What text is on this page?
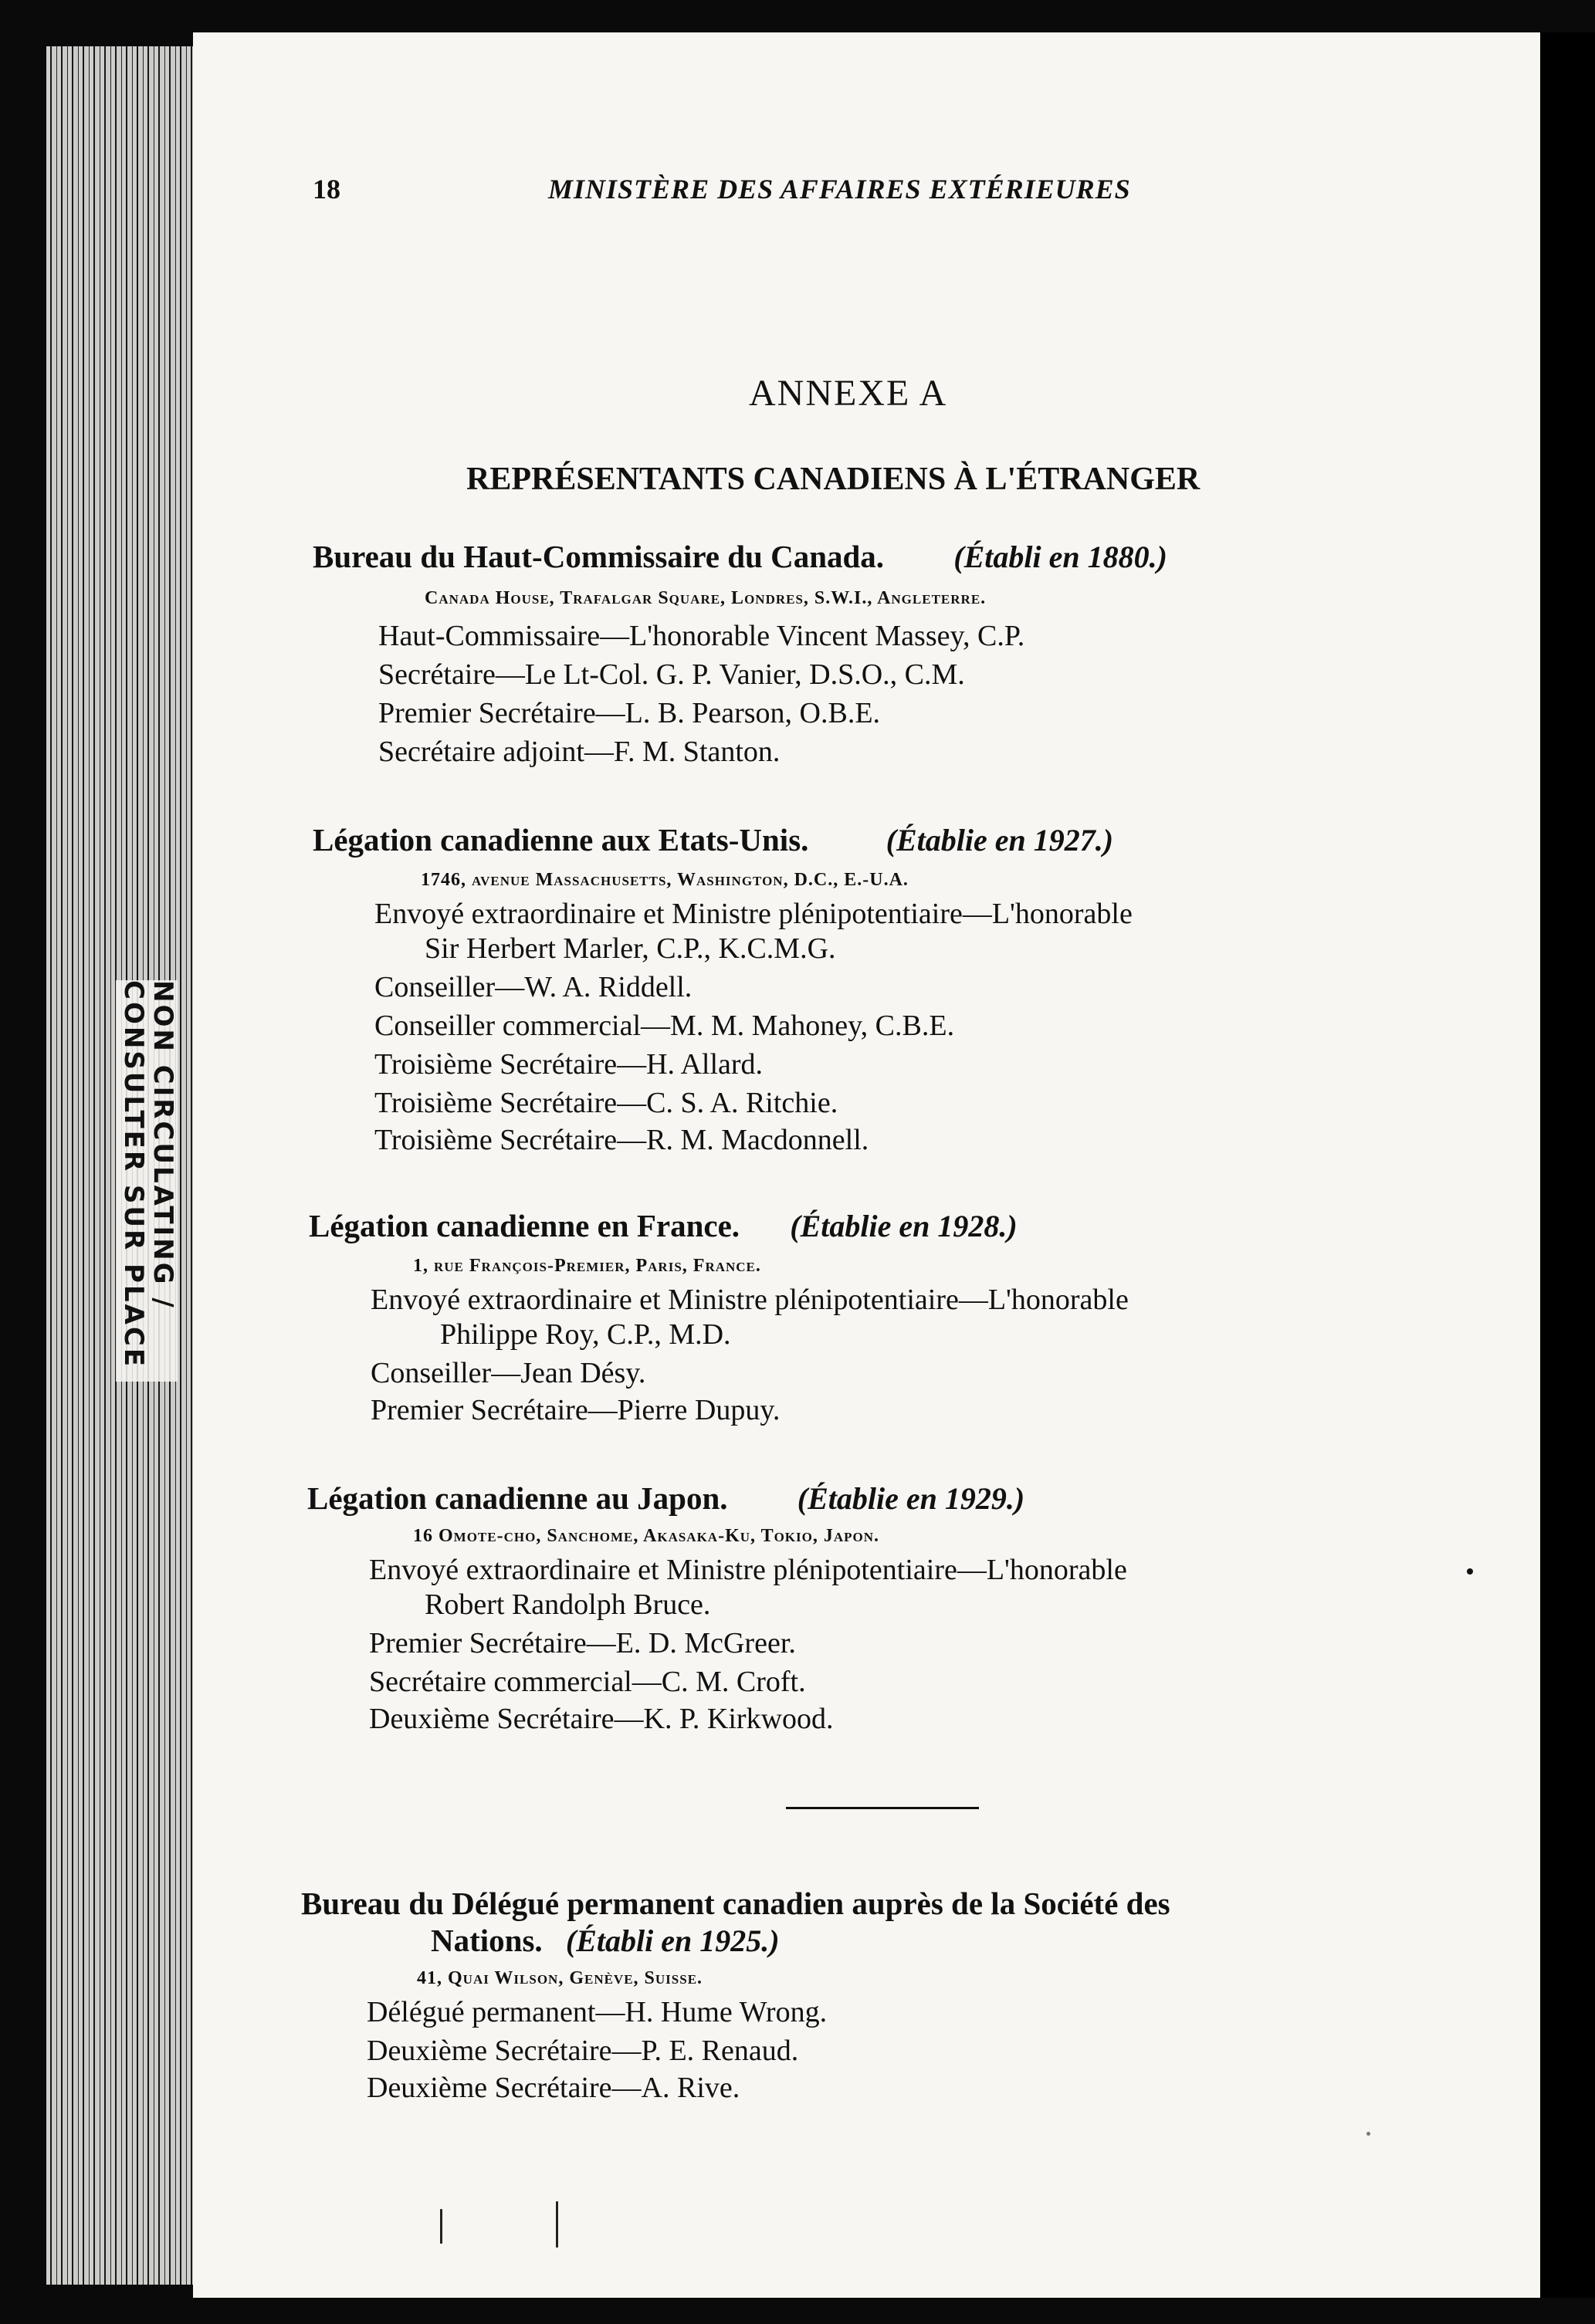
18	MINISTÈRE DES AFFAIRES EXTÉRIEURES
ANNEXE A
REPRÉSENTANTS CANADIENS À L'ÉTRANGER
Bureau du Haut-Commissaire du Canada. (Établi en 1880.)
Canada House, Trafalgar Square, Londres, S.W.I., Angleterre.
Haut-Commissaire—L'honorable Vincent Massey, C.P.
Secrétaire—Le Lt-Col. G. P. Vanier, D.S.O., C.M.
Premier Secrétaire—L. B. Pearson, O.B.E.
Secrétaire adjoint—F. M. Stanton.
Légation canadienne aux Etats-Unis.	(Établie en 1927.)
1746, avenue Massachusetts, Washington, D.C., E.-U.A.
Envoyé extraordinaire et Ministre plénipotentiaire—L'honorable
Sir Herbert Marler, C.P., K.C.M.G.
Conseiller—W. A. Riddell.
Conseiller commercial—M. M. Mahoney, C.B.E.
Troisième Secrétaire—H. Allard.
Troisième Secrétaire—C. S. A. Ritchie.
Troisième Secrétaire—R. M. Macdonnell.
Légation canadienne en France. (Établie en 1928.)
1, rue François-Premier, Paris, France.
Envoyé extraordinaire et Ministre plénipotentiaire—L'honorable
Philippe Roy, C.P., M.D.
Conseiller—Jean Désy.
Premier Secrétaire—Pierre Dupuy.
Légation canadienne au Japon. (Établie en 1929.)
16 Omote-cho, Sanchome, Akasaka-Ku, Tokio, Japon.
Envoyé extraordinaire et Ministre plénipotentiaire—L'honorable
Robert Randolph Bruce.
Premier Secrétaire—E. D. McGreer.
Secrétaire commercial—C. M. Croft.
Deuxième Secrétaire—K. P. Kirkwood.
Bureau du Délégué permanent canadien auprès de la Société des
Nations. (Établi en 1925.)
41, Quai Wilson, Genève, Suisse.
Délégué permanent—H. Hume Wrong.
Deuxième Secrétaire—P. E. Renaud.
Deuxième Secrétaire—A. Rive.
NON CIRCULATING / CONSULTER SUR PLACE
